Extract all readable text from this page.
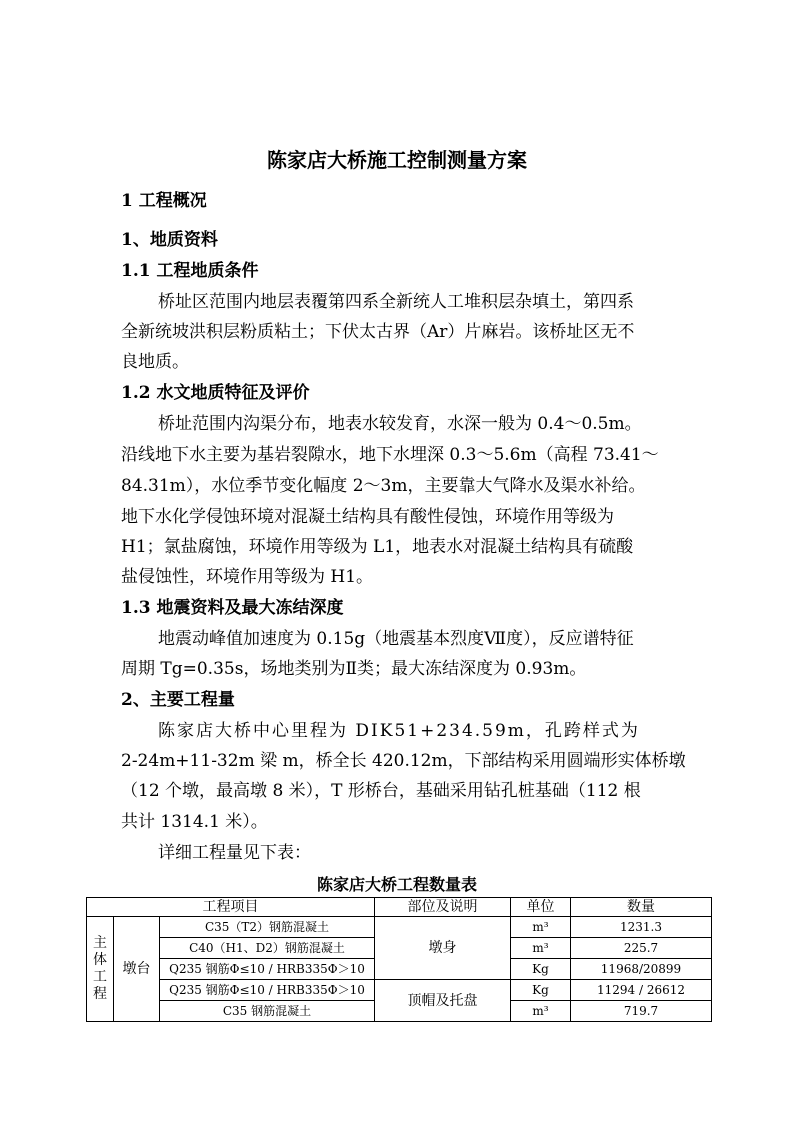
陈家店大桥施工控制测量方案
1 工程概况
1、地质资料
1.1 工程地质条件
桥址区范围内地层表覆第四系全新统人工堆积层杂填土，第四系
全新统坡洪积层粉质粘土；下伏太古界（Ar）片麻岩。该桥址区无不
良地质。
1.2 水文地质特征及评价
桥址范围内沟渠分布，地表水较发育，水深一般为 0.4～0.5m。
沿线地下水主要为基岩裂隙水，地下水埋深 0.3～5.6m（高程 73.41～
84.31m），水位季节变化幅度 2～3m，主要靠大气降水及渠水补给。
地下水化学侵蚀环境对混凝土结构具有酸性侵蚀，环境作用等级为
H1；氯盐腐蚀，环境作用等级为 L1，地表水对混凝土结构具有硫酸
盐侵蚀性，环境作用等级为 H1。
1.3 地震资料及最大冻结深度
地震动峰值加速度为 0.15g（地震基本烈度Ⅶ度），反应谱特征
周期 Tg=0.35s，场地类别为Ⅱ类；最大冻结深度为 0.93m。
2、主要工程量
陈家店大桥中心里程为 DIK51+234.59m，孔跨样式为
2-24m+11-32m 梁 m，桥全长 420.12m，下部结构采用圆端形实体桥墩
（12 个墩，最高墩 8 米），T 形桥台，基础采用钻孔桩基础（112 根
共计 1314.1 米）。
详细工程量见下表：
陈家店大桥工程数量表
工程项目			部位及说明	单位	数量
主体工程	墩台	C35（T2）钢筋混凝土	墩身	m³	1231.3
		C40（H1、D2）钢筋混凝土		m³	225.7
		Q235 钢筋Φ≤10 / HRB335Φ＞10		Kg	11968/20899
		Q235 钢筋Φ≤10 / HRB335Φ＞10	顶帽及托盘	Kg	11294 / 26612
		C35 钢筋混凝土		m³	719.7
